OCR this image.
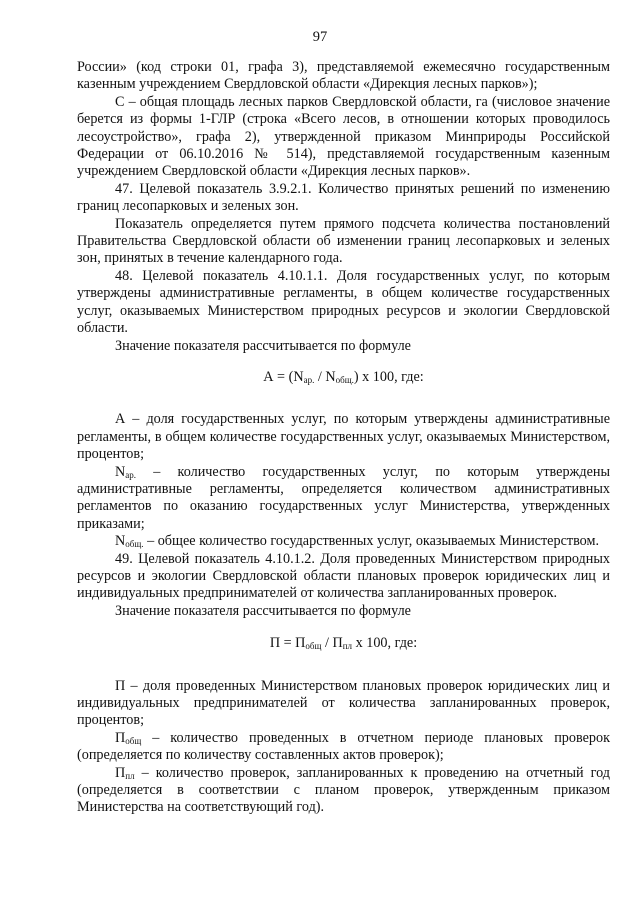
97

России» (код строки 01, графа 3), представляемой ежемесячно государственным казенным учреждением Свердловской области «Дирекция лесных парков»);

С – общая площадь лесных парков Свердловской области, га (числовое значение берется из формы 1-ГЛР (строка «Всего лесов, в отношении которых проводилось лесоустройство», графа 2), утвержденной приказом Минприроды Российской Федерации от 06.10.2016 № 514), представляемой государственным казенным учреждением Свердловской области «Дирекция лесных парков».

47. Целевой показатель 3.9.2.1. Количество принятых решений по изменению границ лесопарковых и зеленых зон.

Показатель определяется путем прямого подсчета количества постановлений Правительства Свердловской области об изменении границ лесопарковых и зеленых зон, принятых в течение календарного года.

48. Целевой показатель 4.10.1.1. Доля государственных услуг, по которым утверждены административные регламенты, в общем количестве государственных услуг, оказываемых Министерством природных ресурсов и экологии Свердловской области.

Значение показателя рассчитывается по формуле

$А = (N_{ар.} / N_{общ.})$ х 100, где:

А – доля государственных услуг, по которым утверждены административные регламенты, в общем количестве государственных услуг, оказываемых Министерством, процентов;

$N_{ар.}$ – количество государственных услуг, по которым утверждены административные регламенты, определяется количеством административных регламентов по оказанию государственных услуг Министерства, утвержденных приказами;

$N_{общ.}$ – общее количество государственных услуг, оказываемых Министерством.

49. Целевой показатель 4.10.1.2. Доля проведенных Министерством природных ресурсов и экологии Свердловской области плановых проверок юридических лиц и индивидуальных предпринимателей от количества запланированных проверок.

Значение показателя рассчитывается по формуле

$П = П_{общ} / П_{пл}$ х 100, где:

П – доля проведенных Министерством плановых проверок юридических лиц и индивидуальных предпринимателей от количества запланированных проверок, процентов;

$П_{общ}$ – количество проведенных в отчетном периоде плановых проверок (определяется по количеству составленных актов проверок);

$П_{пл}$ – количество проверок, запланированных к проведению на отчетный год (определяется в соответствии с планом проверок, утвержденным приказом Министерства на соответствующий год).
